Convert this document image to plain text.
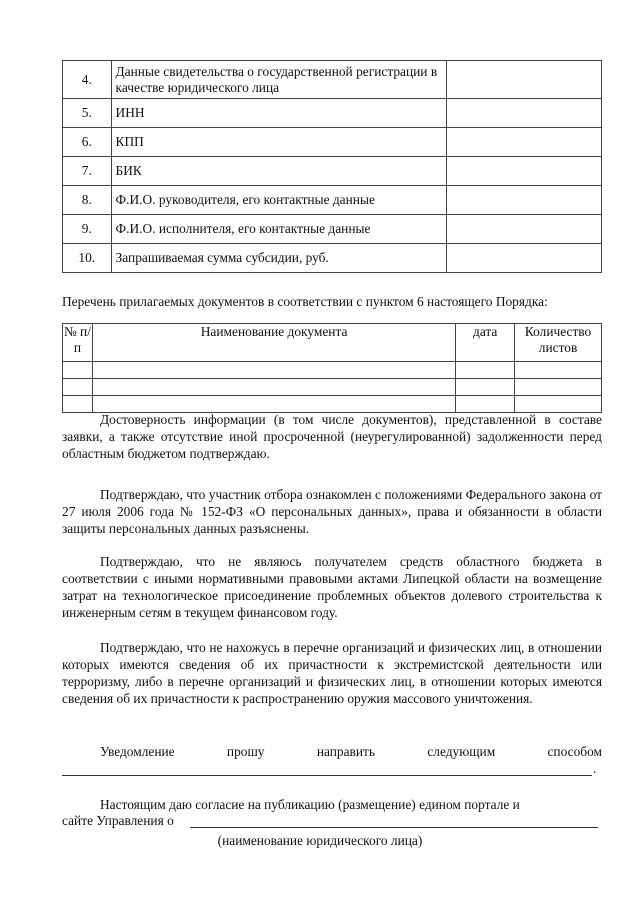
4.	Данные свидетельства о государственной регистрации в качестве юридического лица	
5.	ИНН	
6.	КПП	
7.	БИК	
8.	Ф.И.О. руководителя, его контактные данные	
9.	Ф.И.О. исполнителя, его контактные данные	
10.	Запрашиваемая сумма субсидии, руб.	
Перечень прилагаемых документов в соответствии с пунктом 6 настоящего Порядка:
№ п/п	Наименование документа	дата	Количество листов

Достоверность информации (в том числе документов), представленной в составе заявки, а также отсутствие иной просроченной (неурегулированной) задолженности перед областным бюджетом подтверждаю.
Подтверждаю, что участник отбора ознакомлен с положениями Федерального закона от 27 июля 2006 года № 152-ФЗ «О персональных данных», права и обязанности в области защиты персональных данных разъяснены.
Подтверждаю, что не являюсь получателем средств областного бюджета в соответствии с иными нормативными правовыми актами Липецкой области на возмещение затрат на технологическое присоединение проблемных объектов долевого строительства к инженерным сетям в текущем финансовом году.
Подтверждаю, что не нахожусь в перечне организаций и физических лиц, в отношении которых имеются сведения об их причастности к экстремистской деятельности или терроризму, либо в перечне организаций и физических лиц, в отношении которых имеются сведения об их причастности к распространению оружия массового уничтожения.
Уведомление	прошу	направить	следующим	способом
.
Настоящим даю согласие на публикацию (размещение) едином портале и
сайте Управления о
(наименование юридического лица)
